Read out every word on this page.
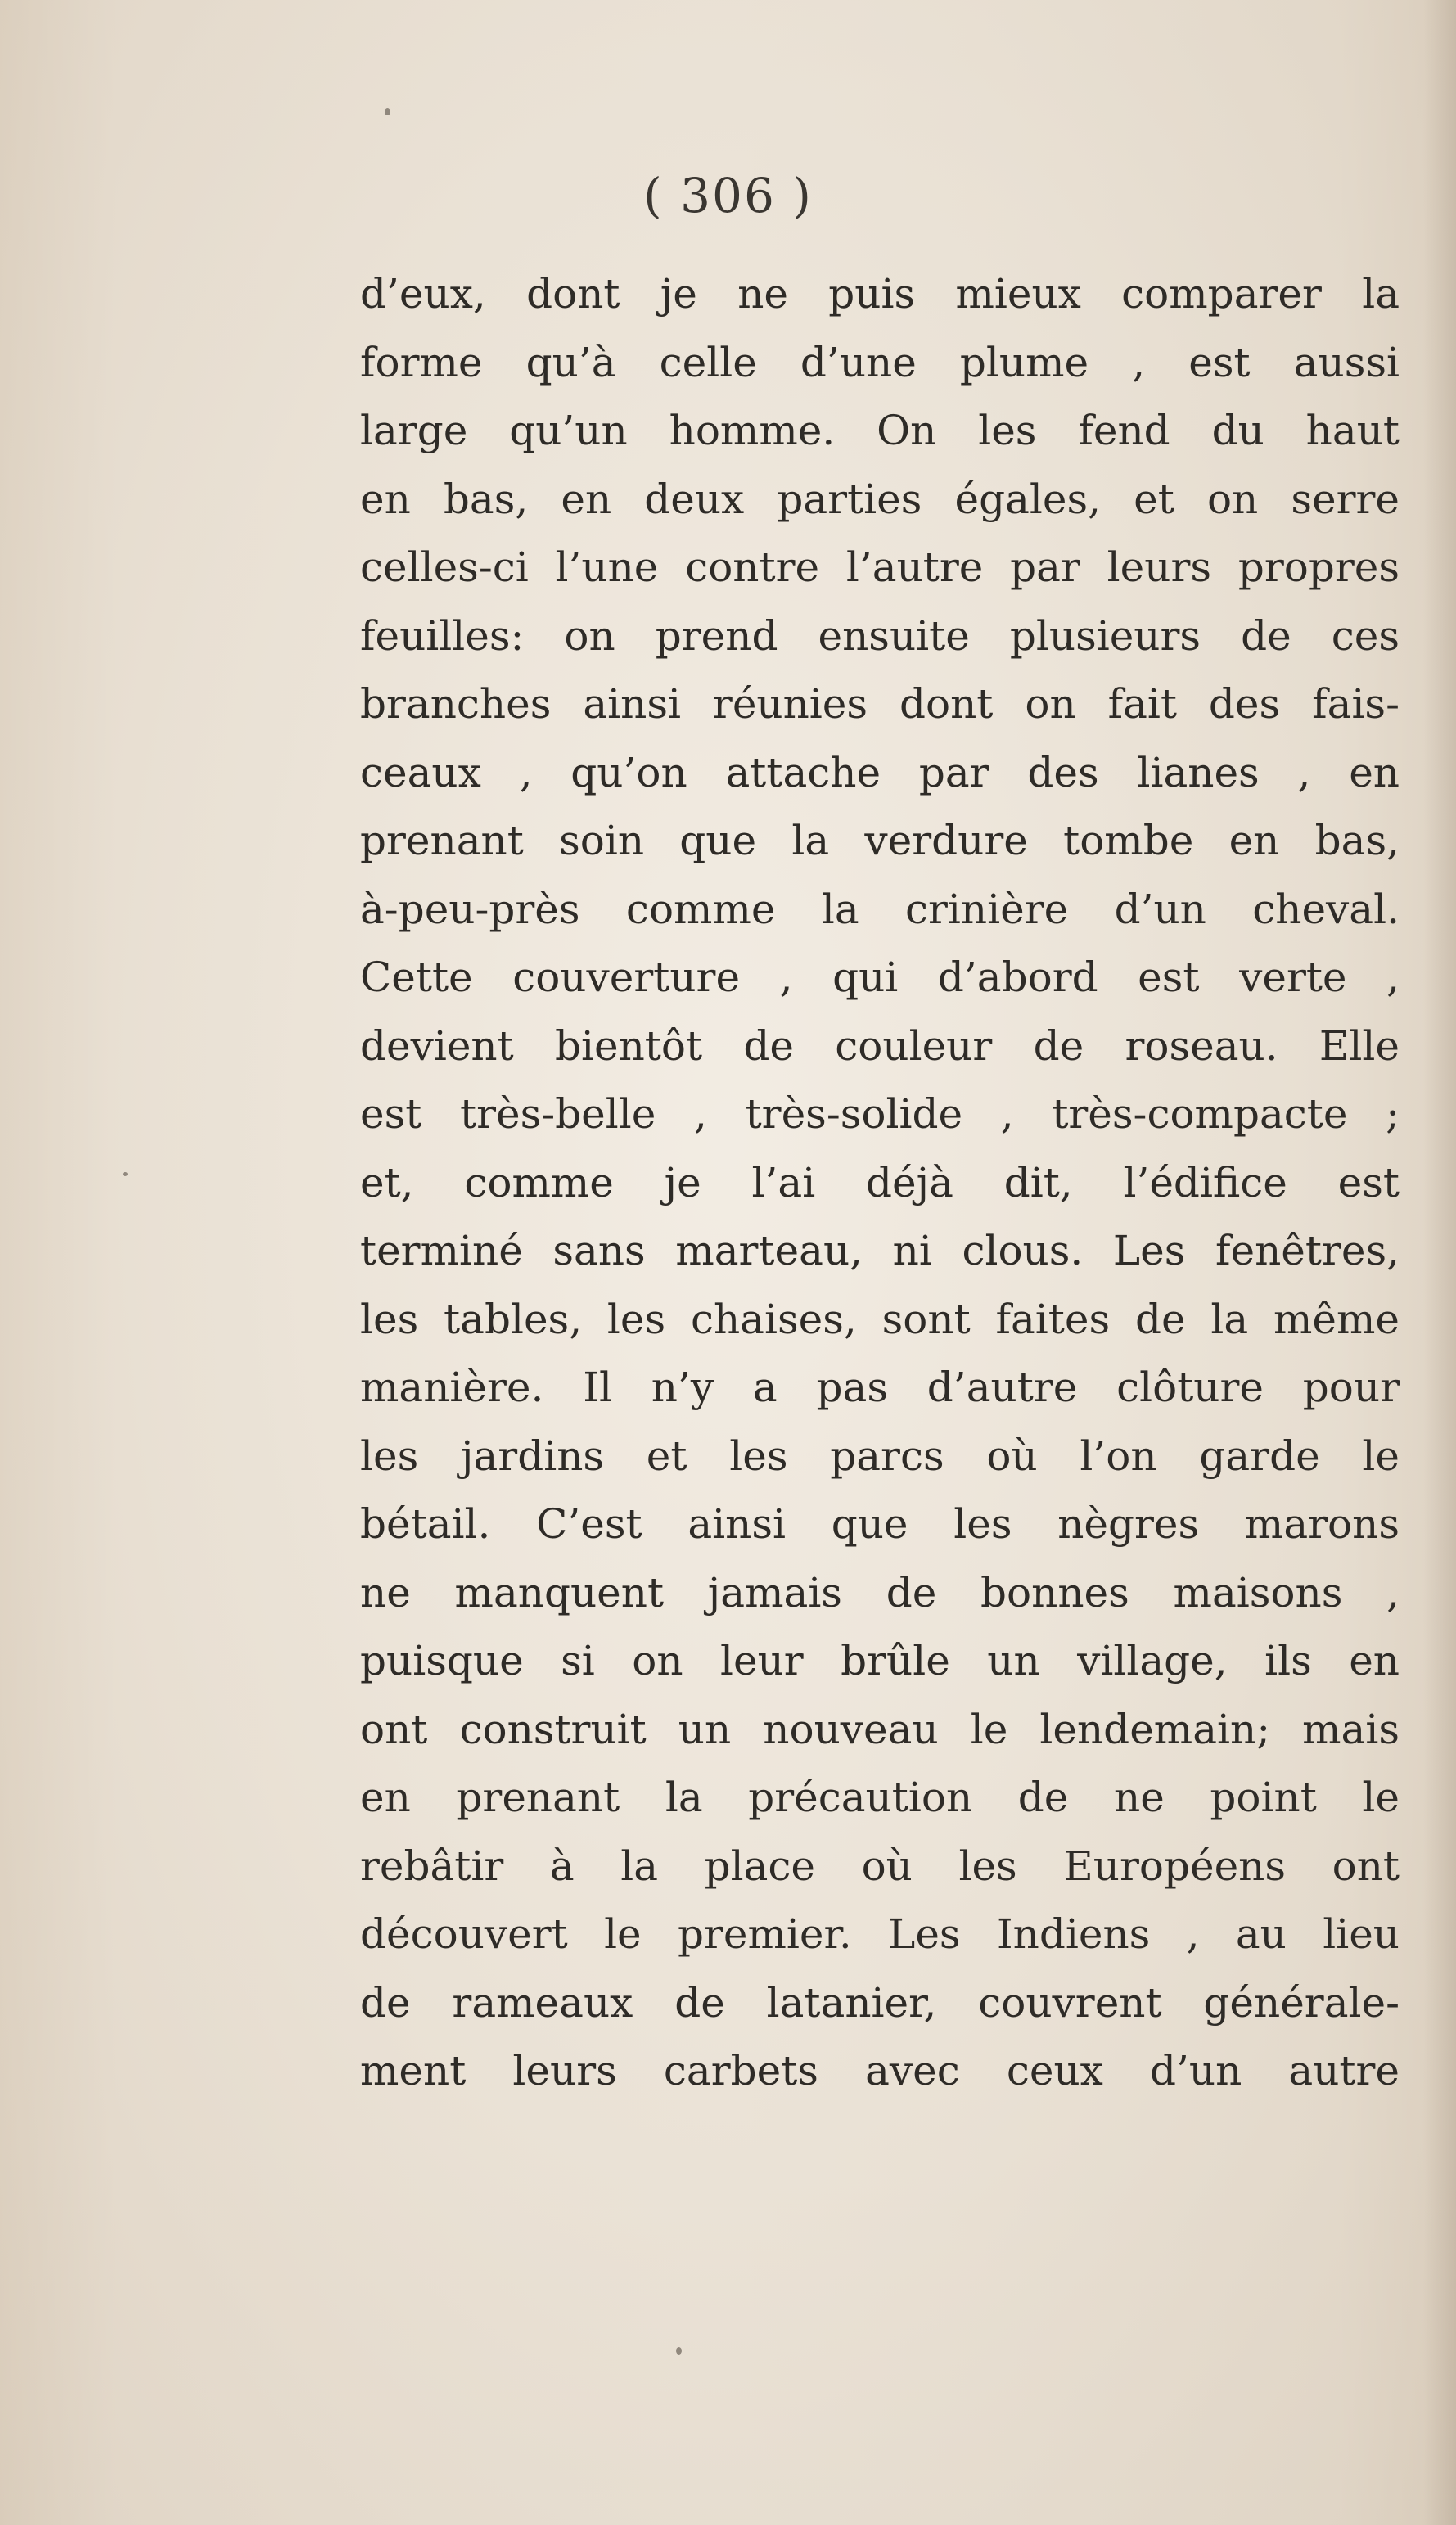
( 306 )

d’eux, dont je ne puis mieux comparer la
forme qu’à celle d’une plume , est aussi
large qu’un homme. On les fend du haut
en bas, en deux parties égales, et on serre
celles-ci l’une contre l’autre par leurs propres
feuilles: on prend ensuite plusieurs de ces
branches ainsi réunies dont on fait des fais-
ceaux , qu’on attache par des lianes , en
prenant soin que la verdure tombe en bas,
à-peu-près comme la crinière d’un cheval.
Cette couverture , qui d’abord est verte ,
devient bientôt de couleur de roseau. Elle
est très-belle , très-solide , très-compacte ;
et, comme je l’ai déjà dit, l’édifice est
terminé sans marteau, ni clous. Les fenêtres,
les tables, les chaises, sont faites de la même
manière. Il n’y a pas d’autre clôture pour
les jardins et les parcs où l’on garde le
bétail. C’est ainsi que les nègres marons
ne manquent jamais de bonnes maisons ,
puisque si on leur brûle un village, ils en
ont construit un nouveau le lendemain; mais
en prenant la précaution de ne point le
rebâtir à la place où les Européens ont
découvert le premier. Les Indiens , au lieu
de rameaux de latanier, couvrent générale-
ment leurs carbets avec ceux d’un autre
